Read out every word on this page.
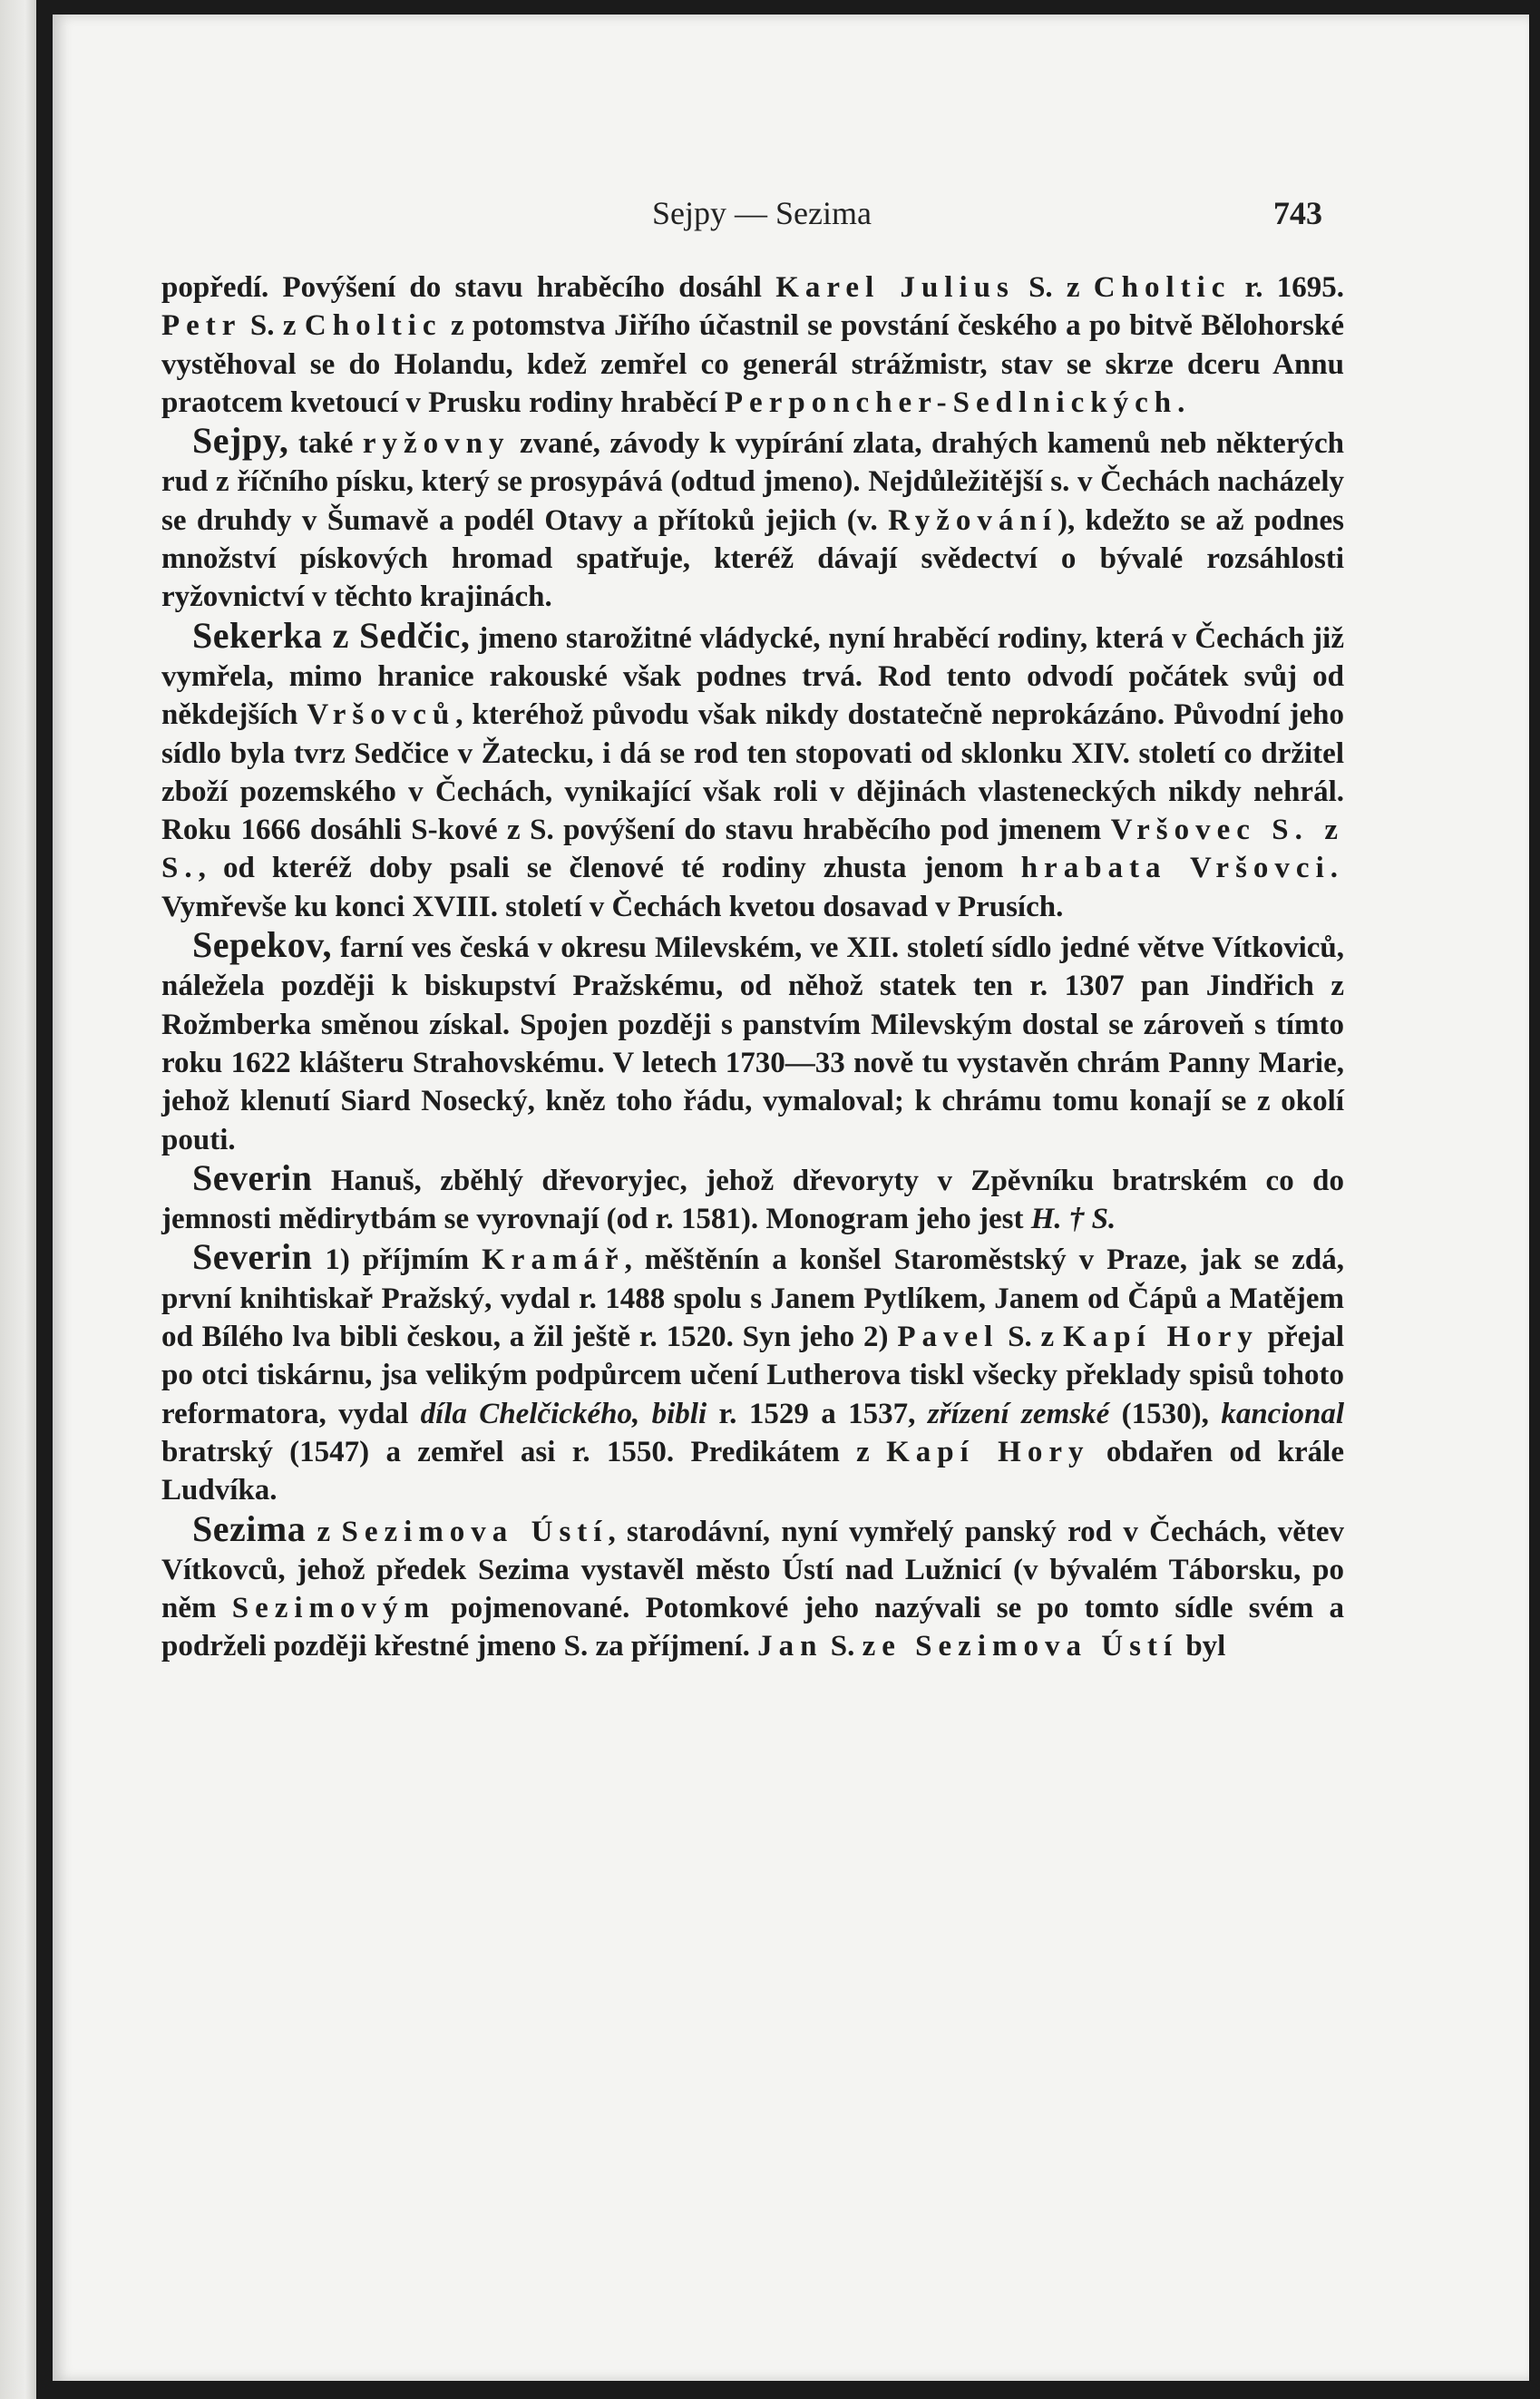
Sejpy — Sezima	743

popředí. Povýšení do stavu hraběcího dosáhl Karel Julius S. z Choltic r. 1695. Petr S. z Choltic z potomstva Jiřího účastnil se povstání českého a po bitvě Bělohorské vystěhoval se do Holandu, kdež zemřel co generál strážmistr, stav se skrze dceru Annu praotcem kvetoucí v Prusku rodiny hraběcí Perponcher-Sedlnických.

Sejpy, také ryžovny zvané, závody k vypírání zlata, drahých kamenů neb některých rud z říčního písku, který se prosypává (odtud jmeno). Nejdůležitější s. v Čechách nacházely se druhdy v Šumavě a podél Otavy a přítoků jejich (v. Ryžování), kdežto se až podnes množství pískových hromad spatřuje, kteréž dávají svědectví o bývalé rozsáhlosti ryžovnictví v těchto krajinách.

Sekerka z Sedčic, jmeno starožitné vládycké, nyní hraběcí rodiny, která v Čechách již vymřela, mimo hranice rakouské však podnes trvá. Rod tento odvodí počátek svůj od někdejších Vršovců, kteréhož původu však nikdy dostatečně neprokázáno. Původní jeho sídlo byla tvrz Sedčice v Žatecku, i dá se rod ten stopovati od sklonku XIV. století co držitel zboží pozemského v Čechách, vynikající však roli v dějinách vlasteneckých nikdy nehrál. Roku 1666 dosáhli S-kové z S. povýšení do stavu hraběcího pod jmenem Vršovec S. z S., od kteréž doby psali se členové té rodiny zhusta jenom hrabata Vršovci. Vymřevše ku konci XVIII. století v Čechách kvetou dosavad v Prusích.

Sepekov, farní ves česká v okresu Milevském, ve XII. století sídlo jedné větve Vítkoviců, náležela později k biskupství Pražskému, od něhož statek ten r. 1307 pan Jindřich z Rožmberka směnou získal. Spojen později s panstvím Milevským dostal se zároveň s tímto roku 1622 klášteru Strahovskému. V letech 1730—33 nově tu vystavěn chrám Panny Marie, jehož klenutí Siard Nosecký, kněz toho řádu, vymaloval; k chrámu tomu konají se z okolí pouti.

Severin Hanuš, zběhlý dřevoryjec, jehož dřevoryty v Zpěvníku bratrském co do jemnosti mědirytbám se vyrovnají (od r. 1581). Monogram jeho jest H. † S.

Severin 1) příjmím Kramář, měštěnín a konšel Staroměstský v Praze, jak se zdá, první knihtiskař Pražský, vydal r. 1488 spolu s Janem Pytlíkem, Janem od Čápů a Matějem od Bílého lva bibli českou, a žil ještě r. 1520. Syn jeho 2) Pavel S. z Kapí Hory přejal po otci tiskárnu, jsa velikým podpůrcem učení Lutherova tiskl všecky překlady spisů tohoto reformatora, vydal díla Chelčického, bibli r. 1529 a 1537, zřízení zemské (1530), kancional bratrský (1547) a zemřel asi r. 1550. Predikátem z Kapí Hory obdařen od krále Ludvíka.

Sezima z Sezimova Ústí, starodávní, nyní vymřelý panský rod v Čechách, větev Vítkovců, jehož předek Sezima vystavěl město Ústí nad Lužnicí (v bývalém Táborsku, po něm Sezimovým pojmenované. Potomkové jeho nazývali se po tomto sídle svém a podrželi později křestné jmeno S. za příjmení. Jan S. ze Sezimova Ústí byl
